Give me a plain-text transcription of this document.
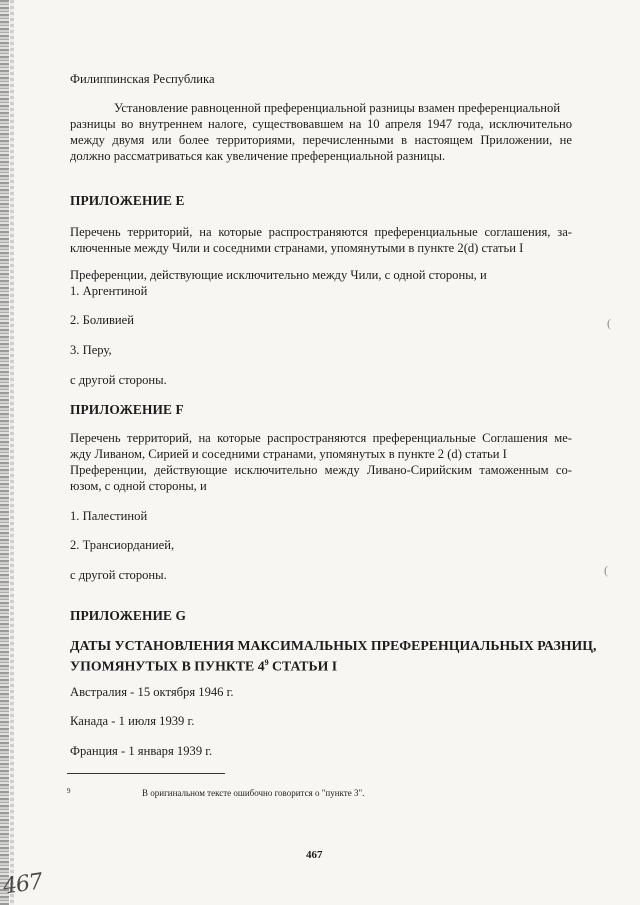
Филиппинская Республика
Установление равноценной преференциальной разницы взамен преференциальной
разницы во внутреннем налоге, существовавшем на 10 апреля 1947 года, исключительно
между двумя или более территориями, перечисленными в настоящем Приложении, не
должно рассматриваться как увеличение преференциальной разницы.
ПРИЛОЖЕНИЕ Е
Перечень территорий, на которые распространяются преференциальные соглашения, за-
ключенные между Чили и соседними странами, упомянутыми в пункте 2(d) статьи I
Преференции, действующие исключительно между Чили, с одной стороны, и
1. Аргентиной
2. Боливией
3. Перу,
с другой стороны.
ПРИЛОЖЕНИЕ F
Перечень территорий, на которые распространяются преференциальные Соглашения ме-
жду Ливаном, Сирией и соседними странами, упомянутых в пункте 2 (d) статьи I
Преференции, действующие исключительно между Ливано-Сирийским таможенным со-
юзом, с одной стороны, и
1. Палестиной
2. Трансиорданией,
с другой стороны.
ПРИЛОЖЕНИЕ G
ДАТЫ УСТАНОВЛЕНИЯ МАКСИМАЛЬНЫХ ПРЕФЕРЕНЦИАЛЬНЫХ РАЗНИЦ,
УПОМЯНУТЫХ В ПУНКТЕ $4^9$ СТАТЬИ I
Австралия - 15 октября 1946 г.
Канада - 1 июля 1939 г.
Франция - 1 января 1939 г.
9	В оригинальном тексте ошибочно говорится о "пункте 3".
467
467
(
(
